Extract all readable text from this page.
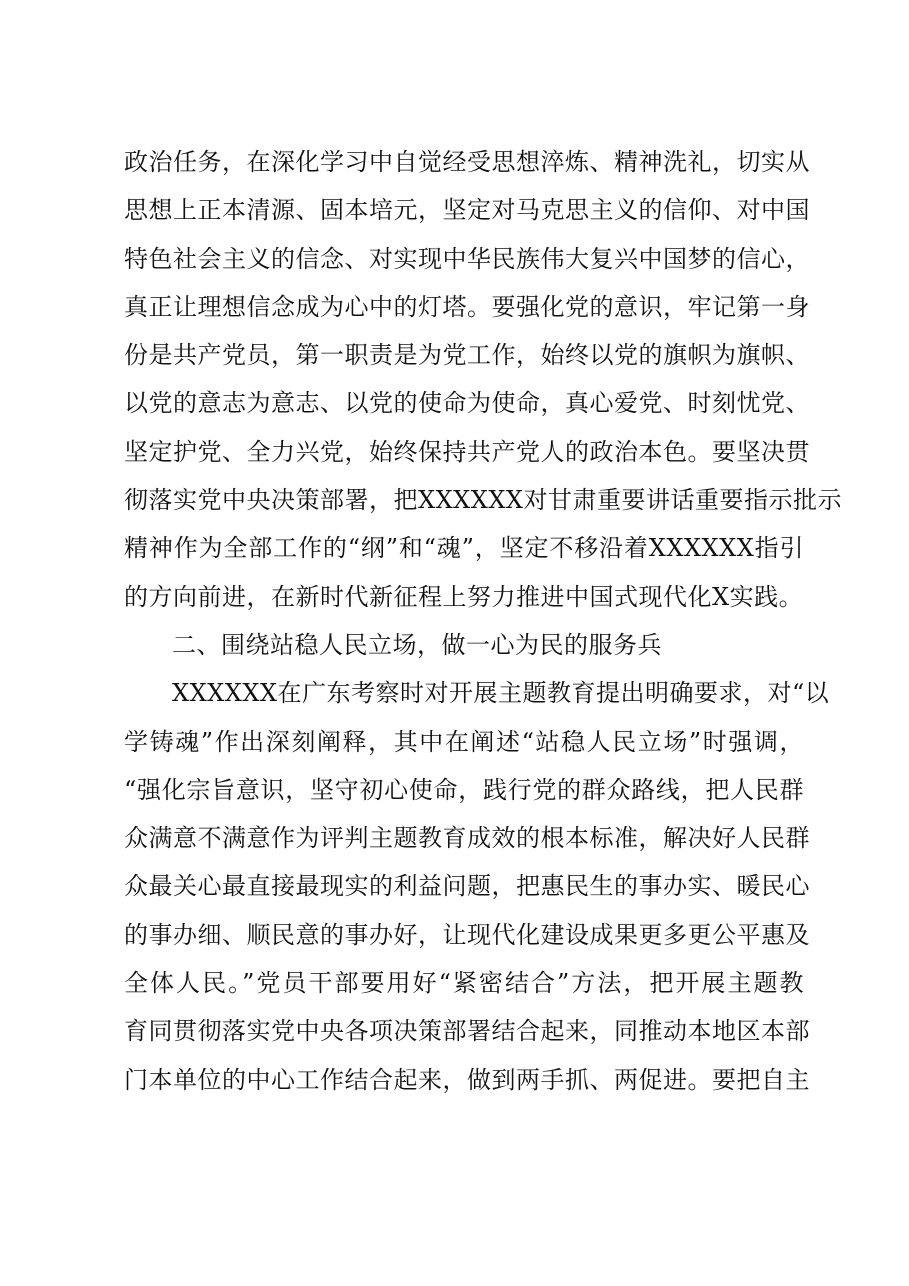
政治任务，在深化学习中自觉经受思想淬炼、精神洗礼，切实从
思想上正本清源、固本培元，坚定对马克思主义的信仰、对中国
特色社会主义的信念、对实现中华民族伟大复兴中国梦的信心，
真正让理想信念成为心中的灯塔。要强化党的意识，牢记第一身
份是共产党员，第一职责是为党工作，始终以党的旗帜为旗帜、
以党的意志为意志、以党的使命为使命，真心爱党、时刻忧党、
坚定护党、全力兴党，始终保持共产党人的政治本色。要坚决贯
彻落实党中央决策部署，把XXXXXX对甘肃重要讲话重要指示批示
精神作为全部工作的“纲”和“魂”，坚定不移沿着XXXXXX指引
的方向前进，在新时代新征程上努力推进中国式现代化X实践。
二、围绕站稳人民立场，做一心为民的服务兵
XXXXXX在广东考察时对开展主题教育提出明确要求，对“以
学铸魂”作出深刻阐释，其中在阐述“站稳人民立场”时强调，
“强化宗旨意识，坚守初心使命，践行党的群众路线，把人民群
众满意不满意作为评判主题教育成效的根本标准，解决好人民群
众最关心最直接最现实的利益问题，把惠民生的事办实、暖民心
的事办细、顺民意的事办好，让现代化建设成果更多更公平惠及
全体人民。”党员干部要用好“紧密结合”方法，把开展主题教
育同贯彻落实党中央各项决策部署结合起来，同推动本地区本部
门本单位的中心工作结合起来，做到两手抓、两促进。要把自主
